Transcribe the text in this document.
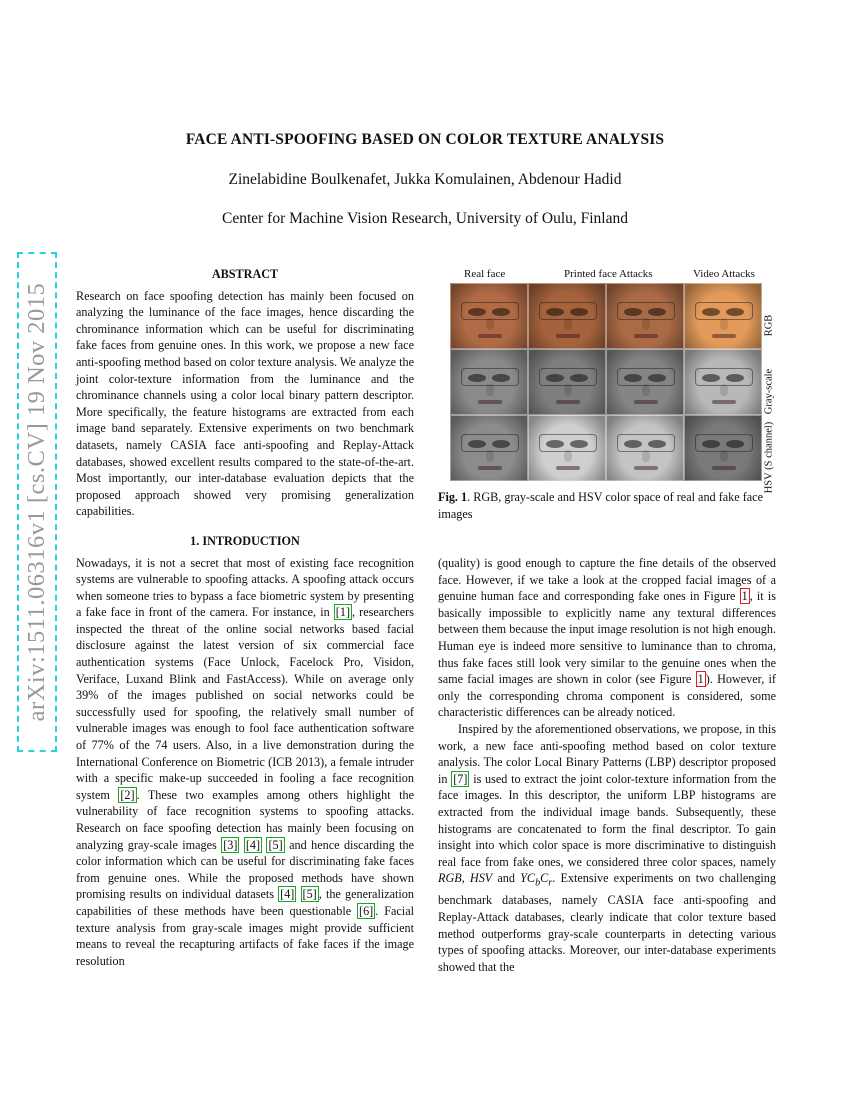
FACE ANTI-SPOOFING BASED ON COLOR TEXTURE ANALYSIS
Zinelabidine Boulkenafet, Jukka Komulainen, Abdenour Hadid
Center for Machine Vision Research, University of Oulu, Finland
arXiv:1511.06316v1 [cs.CV] 19 Nov 2015
ABSTRACT

Research on face spoofing detection has mainly been focused on analyzing the luminance of the face images, hence discarding the chrominance information which can be useful for discriminating fake faces from genuine ones. In this work, we propose a new face anti-spoofing method based on color texture analysis. We analyze the joint color-texture information from the luminance and the chrominance channels using a color local binary pattern descriptor. More specifically, the feature histograms are extracted from each image band separately. Extensive experiments on two benchmark datasets, namely CASIA face anti-spoofing and Replay-Attack databases, showed excellent results compared to the state-of-the-art. Most importantly, our inter-database evaluation depicts that the proposed approach showed very promising generalization capabilities.

1. INTRODUCTION

Nowadays, it is not a secret that most of existing face recognition systems are vulnerable to spoofing attacks. A spoofing attack occurs when someone tries to bypass a face biometric system by presenting a fake face in front of the camera. For instance, in [1] , researchers inspected the threat of the online social networks based facial disclosure against the latest version of six commercial face authentication systems (Face Unlock, Facelock Pro, Visidon, Veriface, Luxand Blink and FastAccess). While on average only 39% of the images published on social networks could be successfully used for spoofing, the relatively small number of vulnerable images was enough to fool face authentication software of 77% of the 74 users. Also, in a live demonstration during the International Conference on Biometric (ICB 2013), a female intruder with a specific make-up succeeded in fooling a face recognition system [2] . These two examples among others highlight the vulnerability of face recognition systems to spoofing attacks. Research on face spoofing detection has mainly been focusing on analyzing gray-scale images [3] [4] [5] and hence discarding the color information which can be useful for discriminating fake faces from genuine ones. While the proposed methods have shown promising results on individual datasets [4] [5] , the generalization capabilities of these methods have been questionable [6] . Facial texture analysis from gray-scale images might provide sufficient means to reveal the recapturing artifacts of fake faces if the image resolution

Real face	Printed face Attacks	Video Attacks
RGB
Gray-scale
HSV (S channel)
Fig. 1. RGB, gray-scale and HSV color space of real and fake face images

(quality) is good enough to capture the fine details of the observed face. However, if we take a look at the cropped facial images of a genuine human face and corresponding fake ones in Figure 1 , it is basically impossible to explicitly name any textural differences between them because the input image resolution is not high enough. Human eye is indeed more sensitive to luminance than to chroma, thus fake faces still look very similar to the genuine ones when the same facial images are shown in color (see Figure 1 ). However, if only the corresponding chroma component is considered, some characteristic differences can be already noticed.

Inspired by the aforementioned observations, we propose, in this work, a new face anti-spoofing method based on color texture analysis. The color Local Binary Patterns (LBP) descriptor proposed in [7] is used to extract the joint color-texture information from the face images. In this descriptor, the uniform LBP histograms are extracted from the individual image bands. Subsequently, these histograms are concatenated to form the final descriptor. To gain insight into which color space is more discriminative to distinguish real face from fake ones, we considered three color spaces, namely RGB, HSV and $YC_bC_r$. Extensive experiments on two challenging benchmark databases, namely CASIA face anti-spoofing and Replay-Attack databases, clearly indicate that color texture based method outperforms gray-scale counterparts in detecting various types of spoofing attacks. Moreover, our inter-database experiments showed that the
